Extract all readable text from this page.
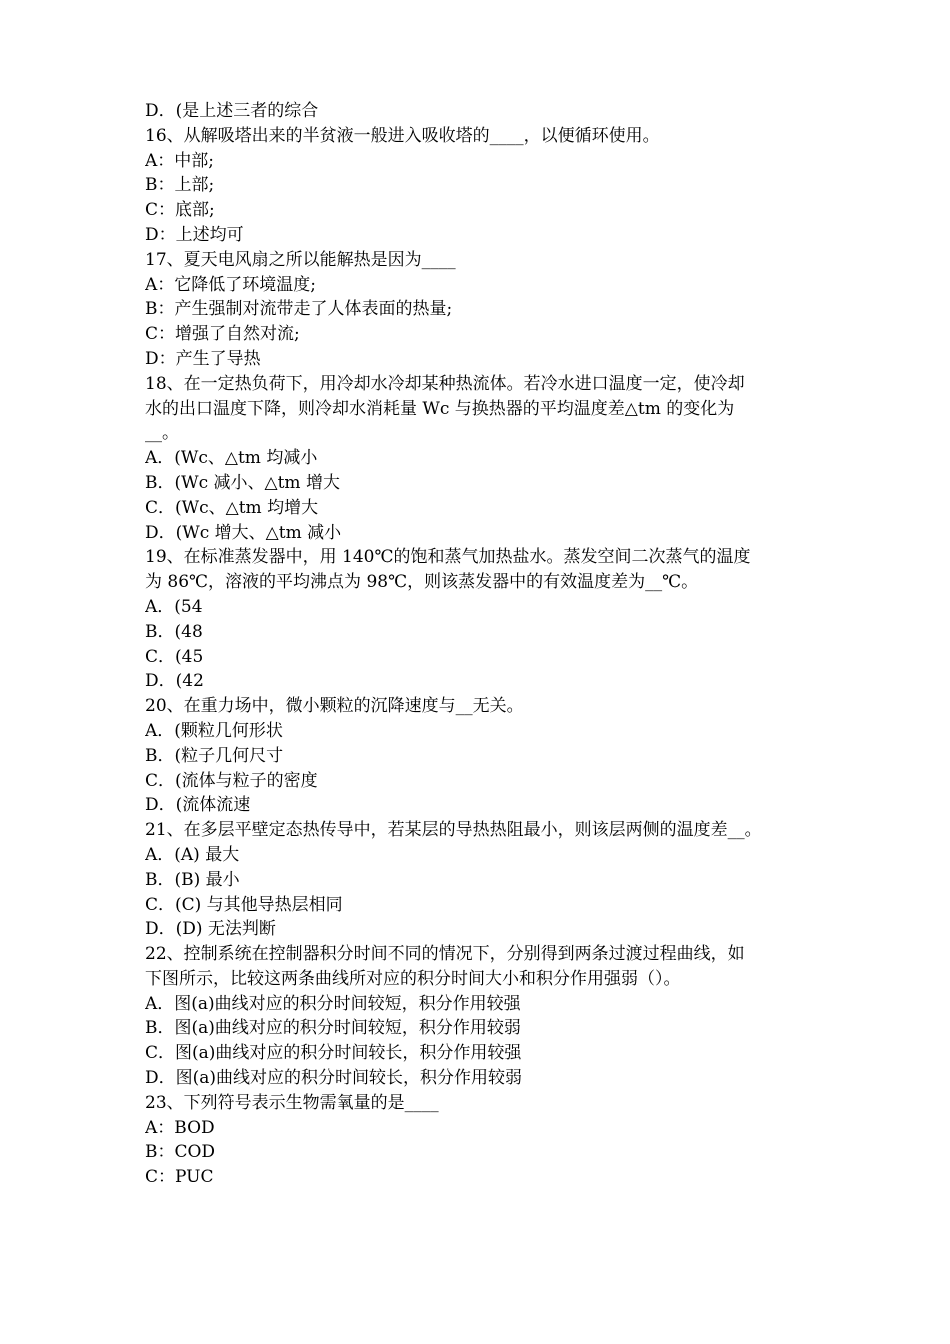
D．(是上述三者的综合
16、从解吸塔出来的半贫液一般进入吸收塔的____，以便循环使用。
A：中部;
B：上部;
C：底部;
D：上述均可
17、夏天电风扇之所以能解热是因为____
A：它降低了环境温度;
B：产生强制对流带走了人体表面的热量;
C：增强了自然对流;
D：产生了导热
18、在一定热负荷下，用冷却水冷却某种热流体。若冷水进口温度一定，使冷却
水的出口温度下降，则冷却水消耗量 Wc 与换热器的平均温度差△tm 的变化为
__。
A．(Wc、△tm 均减小
B．(Wc 减小、△tm 增大
C．(Wc、△tm 均增大
D．(Wc 增大、△tm 减小
19、在标准蒸发器中，用 140℃的饱和蒸气加热盐水。蒸发空间二次蒸气的温度
为 86℃，溶液的平均沸点为 98℃，则该蒸发器中的有效温度差为__℃。
A．(54
B．(48
C．(45
D．(42
20、在重力场中，微小颗粒的沉降速度与__无关。
A．(颗粒几何形状
B．(粒子几何尺寸
C．(流体与粒子的密度
D．(流体流速
21、在多层平壁定态热传导中，若某层的导热热阻最小，则该层两侧的温度差__。
A．(A) 最大
B．(B) 最小
C．(C) 与其他导热层相同
D．(D) 无法判断
22、控制系统在控制器积分时间不同的情况下，分别得到两条过渡过程曲线，如
下图所示，比较这两条曲线所对应的积分时间大小和积分作用强弱（）。
A．图(a)曲线对应的积分时间较短，积分作用较强
B．图(a)曲线对应的积分时间较短，积分作用较弱
C．图(a)曲线对应的积分时间较长，积分作用较强
D．图(a)曲线对应的积分时间较长，积分作用较弱
23、下列符号表示生物需氧量的是____
A：BOD
B：COD
C：PUC
